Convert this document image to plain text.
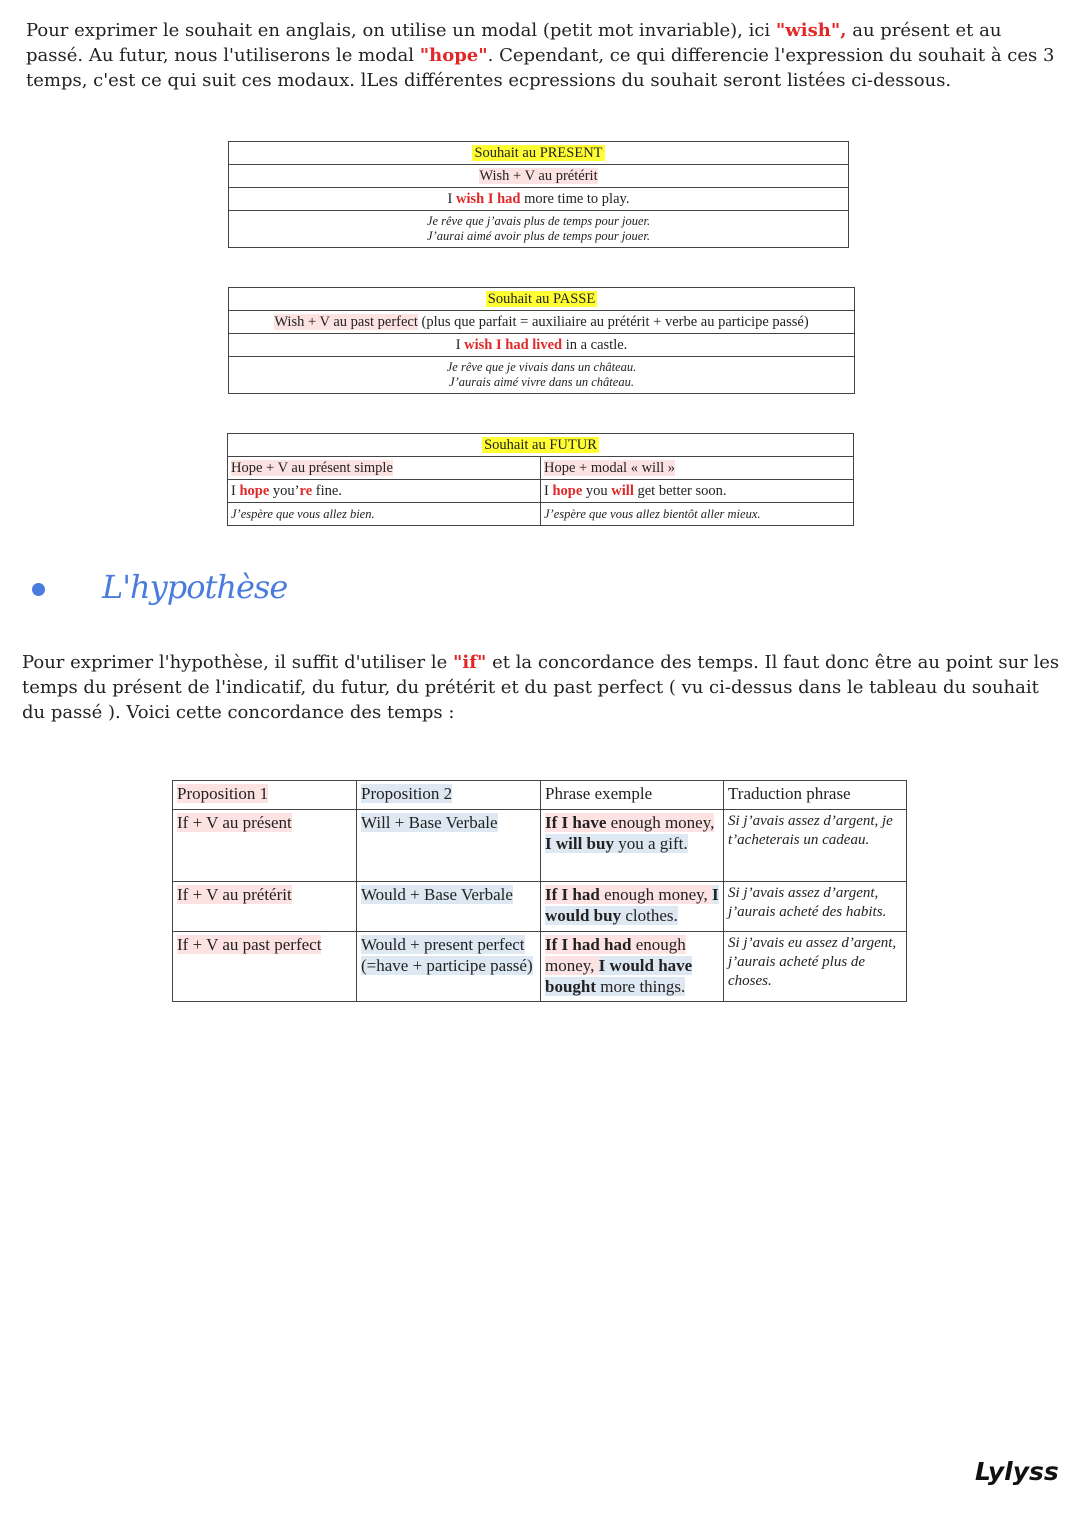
Pour exprimer le souhait en anglais, on utilise un modal (petit mot invariable), ici "wish", au présent et au passé. Au futur, nous l'utiliserons le modal "hope". Cependant, ce qui differencie l'expression du souhait à ces 3 temps, c'est ce qui suit ces modaux. lLes différentes ecpressions du souhait seront listées ci-dessous.
Souhait au PRESENT
Wish + V au prétérit
I wish I had more time to play.

Je rêve que j’avais plus de temps pour jouer.
J’aurai aimé avoir plus de temps pour jouer.
Souhait au PASSE
Wish + V au past perfect (plus que parfait = auxiliaire au prétérit + verbe au participe passé)
I wish I had lived in a castle.

Je rêve que je vivais dans un château.
J’aurais aimé vivre dans un château.
Souhait au FUTUR	
Hope + V au présent simple	Hope + modal « will »
I hope you’re fine.	I hope you will get better soon.
J’espère que vous allez bien.	J’espère que vous allez bientôt aller mieux.
L'hypothèse
Pour exprimer l'hypothèse, il suffit d'utiliser le "if" et la concordance des temps. Il faut donc être au point sur les temps du présent de l'indicatif, du futur, du prétérit et du past perfect ( vu ci-dessus dans le tableau du souhait du passé ). Voici cette concordance des temps :
Proposition 1	Proposition 2	Phrase exemple	Traduction phrase
If + V au présent	Will + Base Verbale	If I have enough money, I will buy you a gift.	Si j’avais assez d’argent, je t’acheterais un cadeau.
If + V au prétérit	Would + Base Verbale	If I had enough money, I would buy clothes.	Si j’avais assez d’argent, j’aurais acheté des habits.
If + V au past perfect	Would + present perfect (=have + participe passé)	If I had had enough money, I would have bought more things.	Si j’avais eu assez d’argent, j’aurais acheté plus de choses.
Lylyss
